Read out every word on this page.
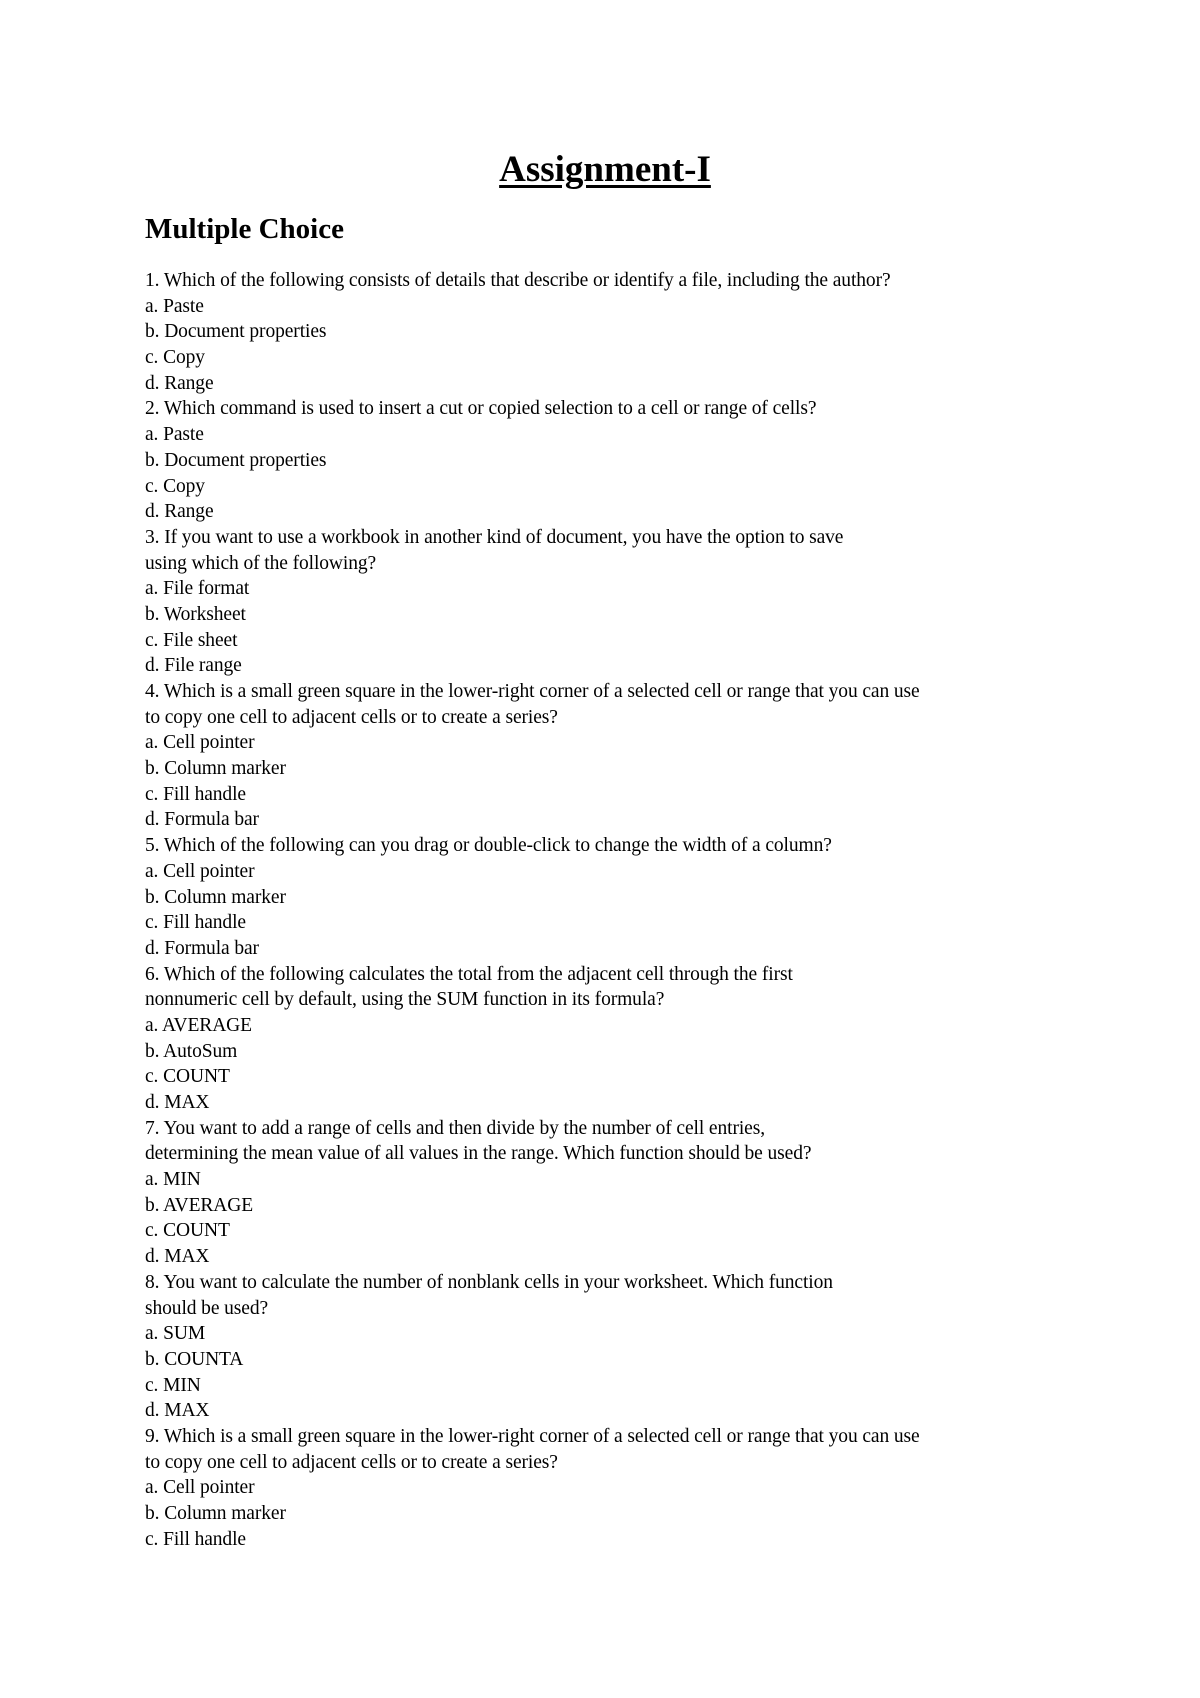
Assignment-I
Multiple Choice
1. Which of the following consists of details that describe or identify a file, including the author?
a. Paste
b. Document properties
c. Copy
d. Range
2. Which command is used to insert a cut or copied selection to a cell or range of cells?
a. Paste
b. Document properties
c. Copy
d. Range
3. If you want to use a workbook in another kind of document, you have the option to save
using which of the following?
a. File format
b. Worksheet
c. File sheet
d. File range
4. Which is a small green square in the lower-right corner of a selected cell or range that you can use
to copy one cell to adjacent cells or to create a series?
a. Cell pointer
b. Column marker
c. Fill handle
d. Formula bar
5. Which of the following can you drag or double-click to change the width of a column?
a. Cell pointer
b. Column marker
c. Fill handle
d. Formula bar
6. Which of the following calculates the total from the adjacent cell through the first
nonnumeric cell by default, using the SUM function in its formula?
a. AVERAGE
b. AutoSum
c. COUNT
d. MAX
7. You want to add a range of cells and then divide by the number of cell entries,
determining the mean value of all values in the range. Which function should be used?
a. MIN
b. AVERAGE
c. COUNT
d. MAX
8. You want to calculate the number of nonblank cells in your worksheet. Which function
should be used?
a. SUM
b. COUNTA
c. MIN
d. MAX
9. Which is a small green square in the lower-right corner of a selected cell or range that you can use
to copy one cell to adjacent cells or to create a series?
a. Cell pointer
b. Column marker
c. Fill handle
